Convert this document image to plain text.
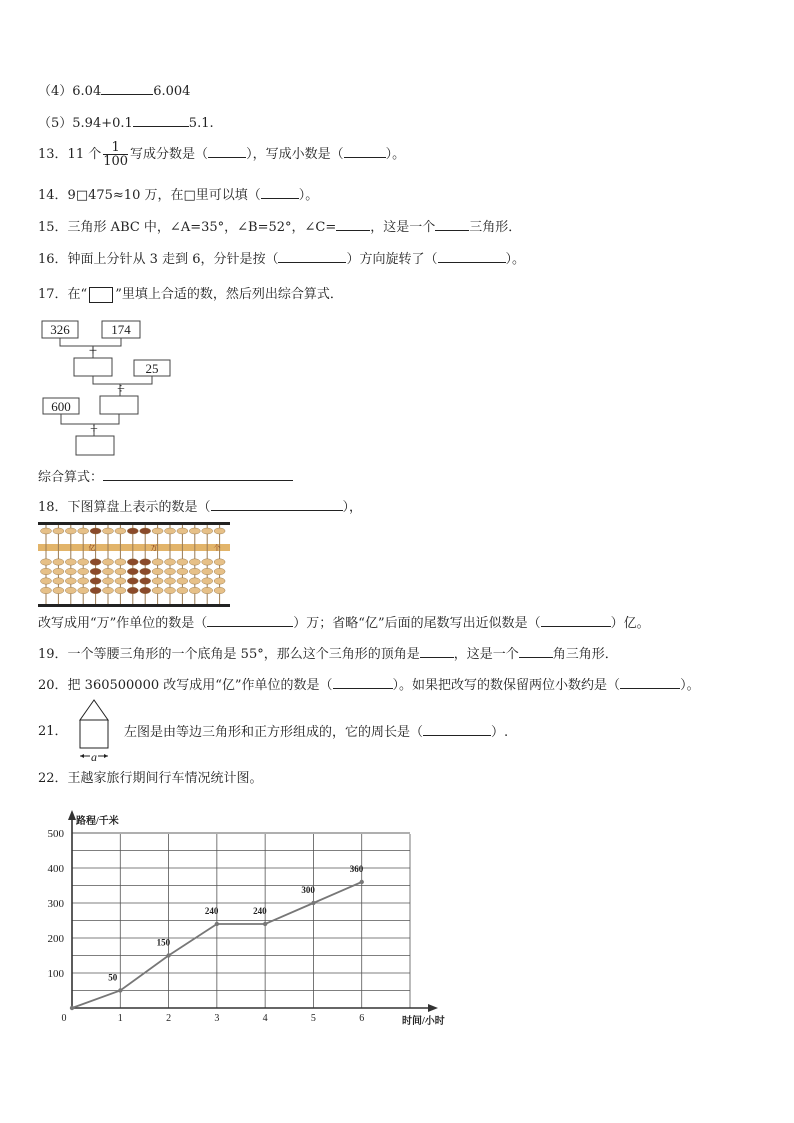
（4）6.04	6.004
（5）5.94+0.1	5.1.
13．11 个 $\frac{1}{100}$ 写成分数是（	），写成小数是（	）。
14．9□475≈10 万，在□里可以填（	）。
15．三角形 ABC 中，∠A=35°，∠B=52°，∠C=	，这是一个	三角形．
16．钟面上分针从 3 走到 6，分针是按（	）方向旋转了（	）。
17．在“ ”里填上合适的数，然后列出综合算式．
326	174
25
600
+
÷
÷
综合算式：
18．下图算盘上表示的数是（	），
亿	万	个
改写成用“万”作单位的数是（	）万；省略“亿”后面的尾数写出近似数是（	）亿。
19．一个等腰三角形的一个底角是 55°，那么这个三角形的顶角是	，这是一个	角三角形．
20．把 360500000 改写成用“亿”作单位的数是（	）。如果把改写的数保留两位小数约是（	）。
21．
a
左图是由等边三角形和正方形组成的，它的周长是（	）.
22．王越家旅行期间行车情况统计图。
路程/千米
时间/小时
100
200
300
400
500
0	1	2	3	4	5	6
50
150
240	240
300
360
